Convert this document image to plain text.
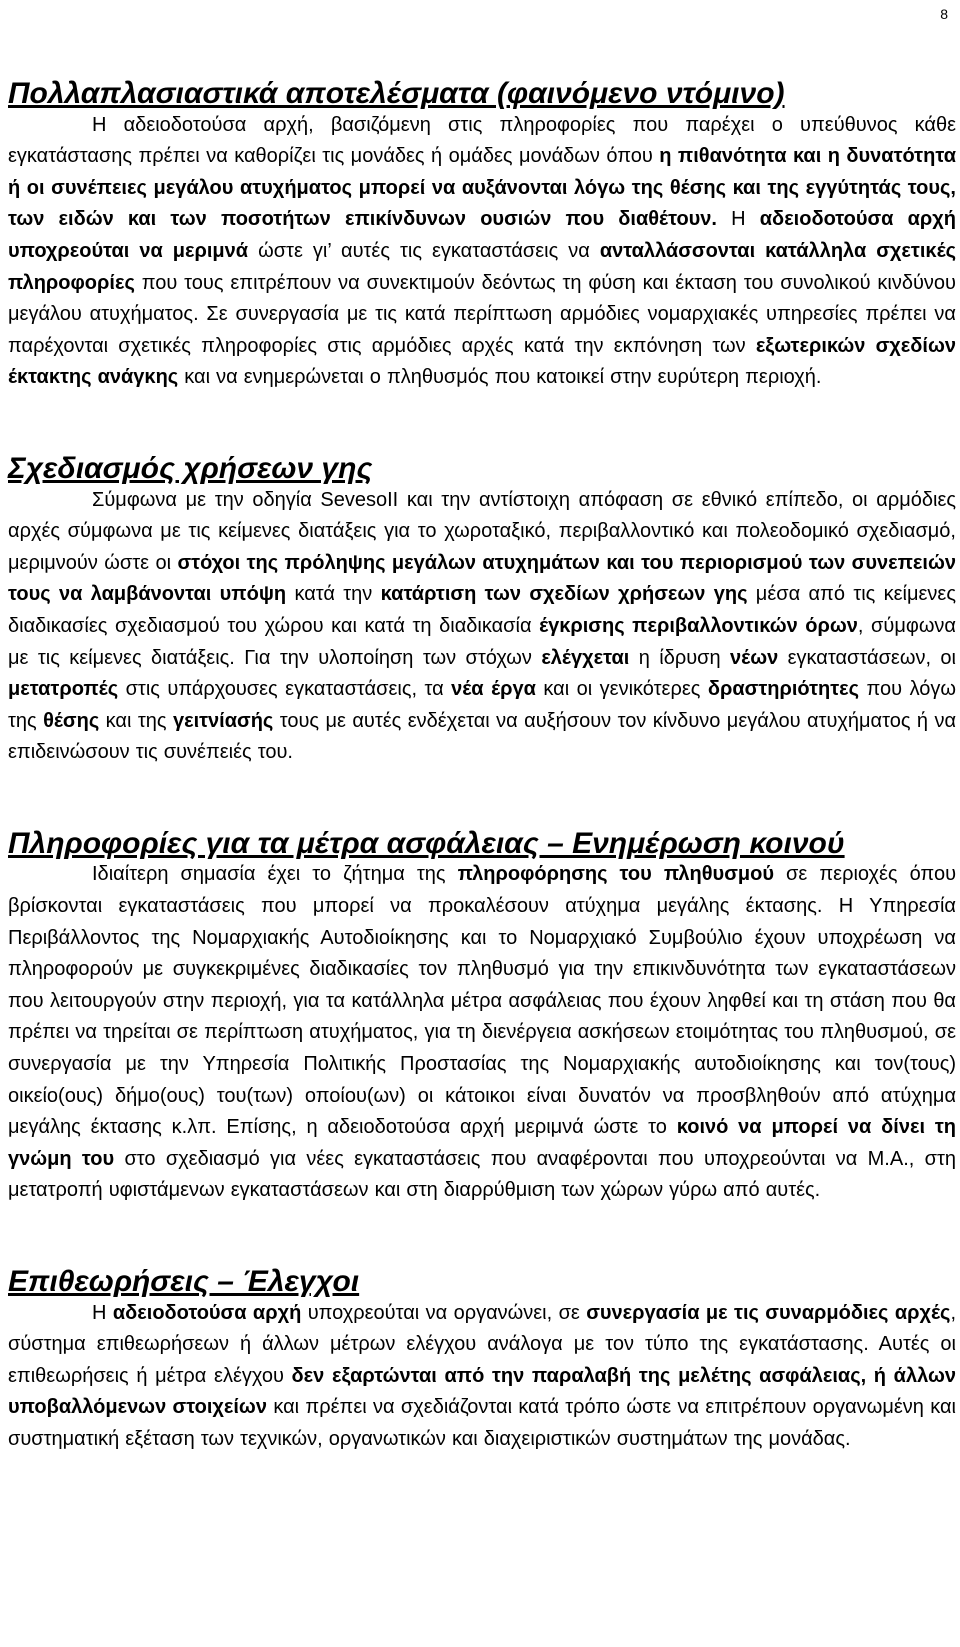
8
Πολλαπλασιαστικά αποτελέσματα (φαινόμενο ντόμινο)

Η αδειοδοτούσα αρχή, βασιζόμενη στις πληροφορίες που παρέχει ο υπεύθυνος κάθε εγκατάστασης πρέπει να καθορίζει τις μονάδες ή ομάδες μονάδων όπου η πιθανότητα και η δυνατότητα ή οι συνέπειες μεγάλου ατυχήματος μπορεί να αυξάνονται λόγω της θέσης και της εγγύτητάς τους, των ειδών και των ποσοτήτων επικίνδυνων ουσιών που διαθέτουν. Η αδειοδοτούσα αρχή υποχρεούται να μεριμνά ώστε γι’ αυτές τις εγκαταστάσεις να ανταλλάσσονται κατάλληλα σχετικές πληροφορίες που τους επιτρέπουν να συνεκτιμούν δεόντως τη φύση και έκταση του συνολικού κινδύνου μεγάλου ατυχήματος. Σε συνεργασία με τις κατά περίπτωση αρμόδιες νομαρχιακές υπηρεσίες πρέπει να παρέχονται σχετικές πληροφορίες στις αρμόδιες αρχές κατά την εκπόνηση των εξωτερικών σχεδίων έκτακτης ανάγκης και να ενημερώνεται ο πληθυσμός που κατοικεί στην ευρύτερη περιοχή.

Σχεδιασμός χρήσεων γης

Σύμφωνα με την οδηγία SevesoII και την αντίστοιχη απόφαση σε εθνικό επίπεδο, οι αρμόδιες αρχές σύμφωνα με τις κείμενες διατάξεις για το χωροταξικό, περιβαλλοντικό και πολεοδομικό σχεδιασμό, μεριμνούν ώστε οι στόχοι της πρόληψης μεγάλων ατυχημάτων και του περιορισμού των συνεπειών τους να λαμβάνονται υπόψη κατά την κατάρτιση των σχεδίων χρήσεων γης μέσα από τις κείμενες διαδικασίες σχεδιασμού του χώρου και κατά τη διαδικασία έγκρισης περιβαλλοντικών όρων, σύμφωνα με τις κείμενες διατάξεις. Για την υλοποίηση των στόχων ελέγχεται η ίδρυση νέων εγκαταστάσεων, οι μετατροπές στις υπάρχουσες εγκαταστάσεις, τα νέα έργα και οι γενικότερες δραστηριότητες που λόγω της θέσης και της γειτνίασής τους με αυτές ενδέχεται να αυξήσουν τον κίνδυνο μεγάλου ατυχήματος ή να επιδεινώσουν τις συνέπειές του.

Πληροφορίες για τα μέτρα ασφάλειας – Ενημέρωση κοινού

Ιδιαίτερη σημασία έχει το ζήτημα της πληροφόρησης του πληθυσμού σε περιοχές όπου βρίσκονται εγκαταστάσεις που μπορεί να προκαλέσουν ατύχημα μεγάλης έκτασης. Η Υπηρεσία Περιβάλλοντος της Νομαρχιακής Αυτοδιοίκησης και το Νομαρχιακό Συμβούλιο έχουν υποχρέωση να πληροφορούν με συγκεκριμένες διαδικασίες τον πληθυσμό για την επικινδυνότητα των εγκαταστάσεων που λειτουργούν στην περιοχή, για τα κατάλληλα μέτρα ασφάλειας που έχουν ληφθεί και τη στάση που θα πρέπει να τηρείται σε περίπτωση ατυχήματος, για τη διενέργεια ασκήσεων ετοιμότητας του πληθυσμού, σε συνεργασία με την Υπηρεσία Πολιτικής Προστασίας της Νομαρχιακής αυτοδιοίκησης και τον(τους) οικείο(ους) δήμο(ους) του(των) οποίου(ων) οι κάτοικοι είναι δυνατόν να προσβληθούν από ατύχημα μεγάλης έκτασης κ.λπ. Επίσης, η αδειοδοτούσα αρχή μεριμνά ώστε το κοινό να μπορεί να δίνει τη γνώμη του στο σχεδιασμό για νέες εγκαταστάσεις που αναφέρονται που υποχρεούνται να Μ.Α., στη μετατροπή υφιστάμενων εγκαταστάσεων και στη διαρρύθμιση των χώρων γύρω από αυτές.

Επιθεωρήσεις – Έλεγχοι

Η αδειοδοτούσα αρχή υποχρεούται να οργανώνει, σε συνεργασία με τις συναρμόδιες αρχές, σύστημα επιθεωρήσεων ή άλλων μέτρων ελέγχου ανάλογα με τον τύπο της εγκατάστασης. Αυτές οι επιθεωρήσεις ή μέτρα ελέγχου δεν εξαρτώνται από την παραλαβή της μελέτης ασφάλειας, ή άλλων υποβαλλόμενων στοιχείων και πρέπει να σχεδιάζονται κατά τρόπο ώστε να επιτρέπουν οργανωμένη και συστηματική εξέταση των τεχνικών, οργανωτικών και διαχειριστικών συστημάτων της μονάδας.
